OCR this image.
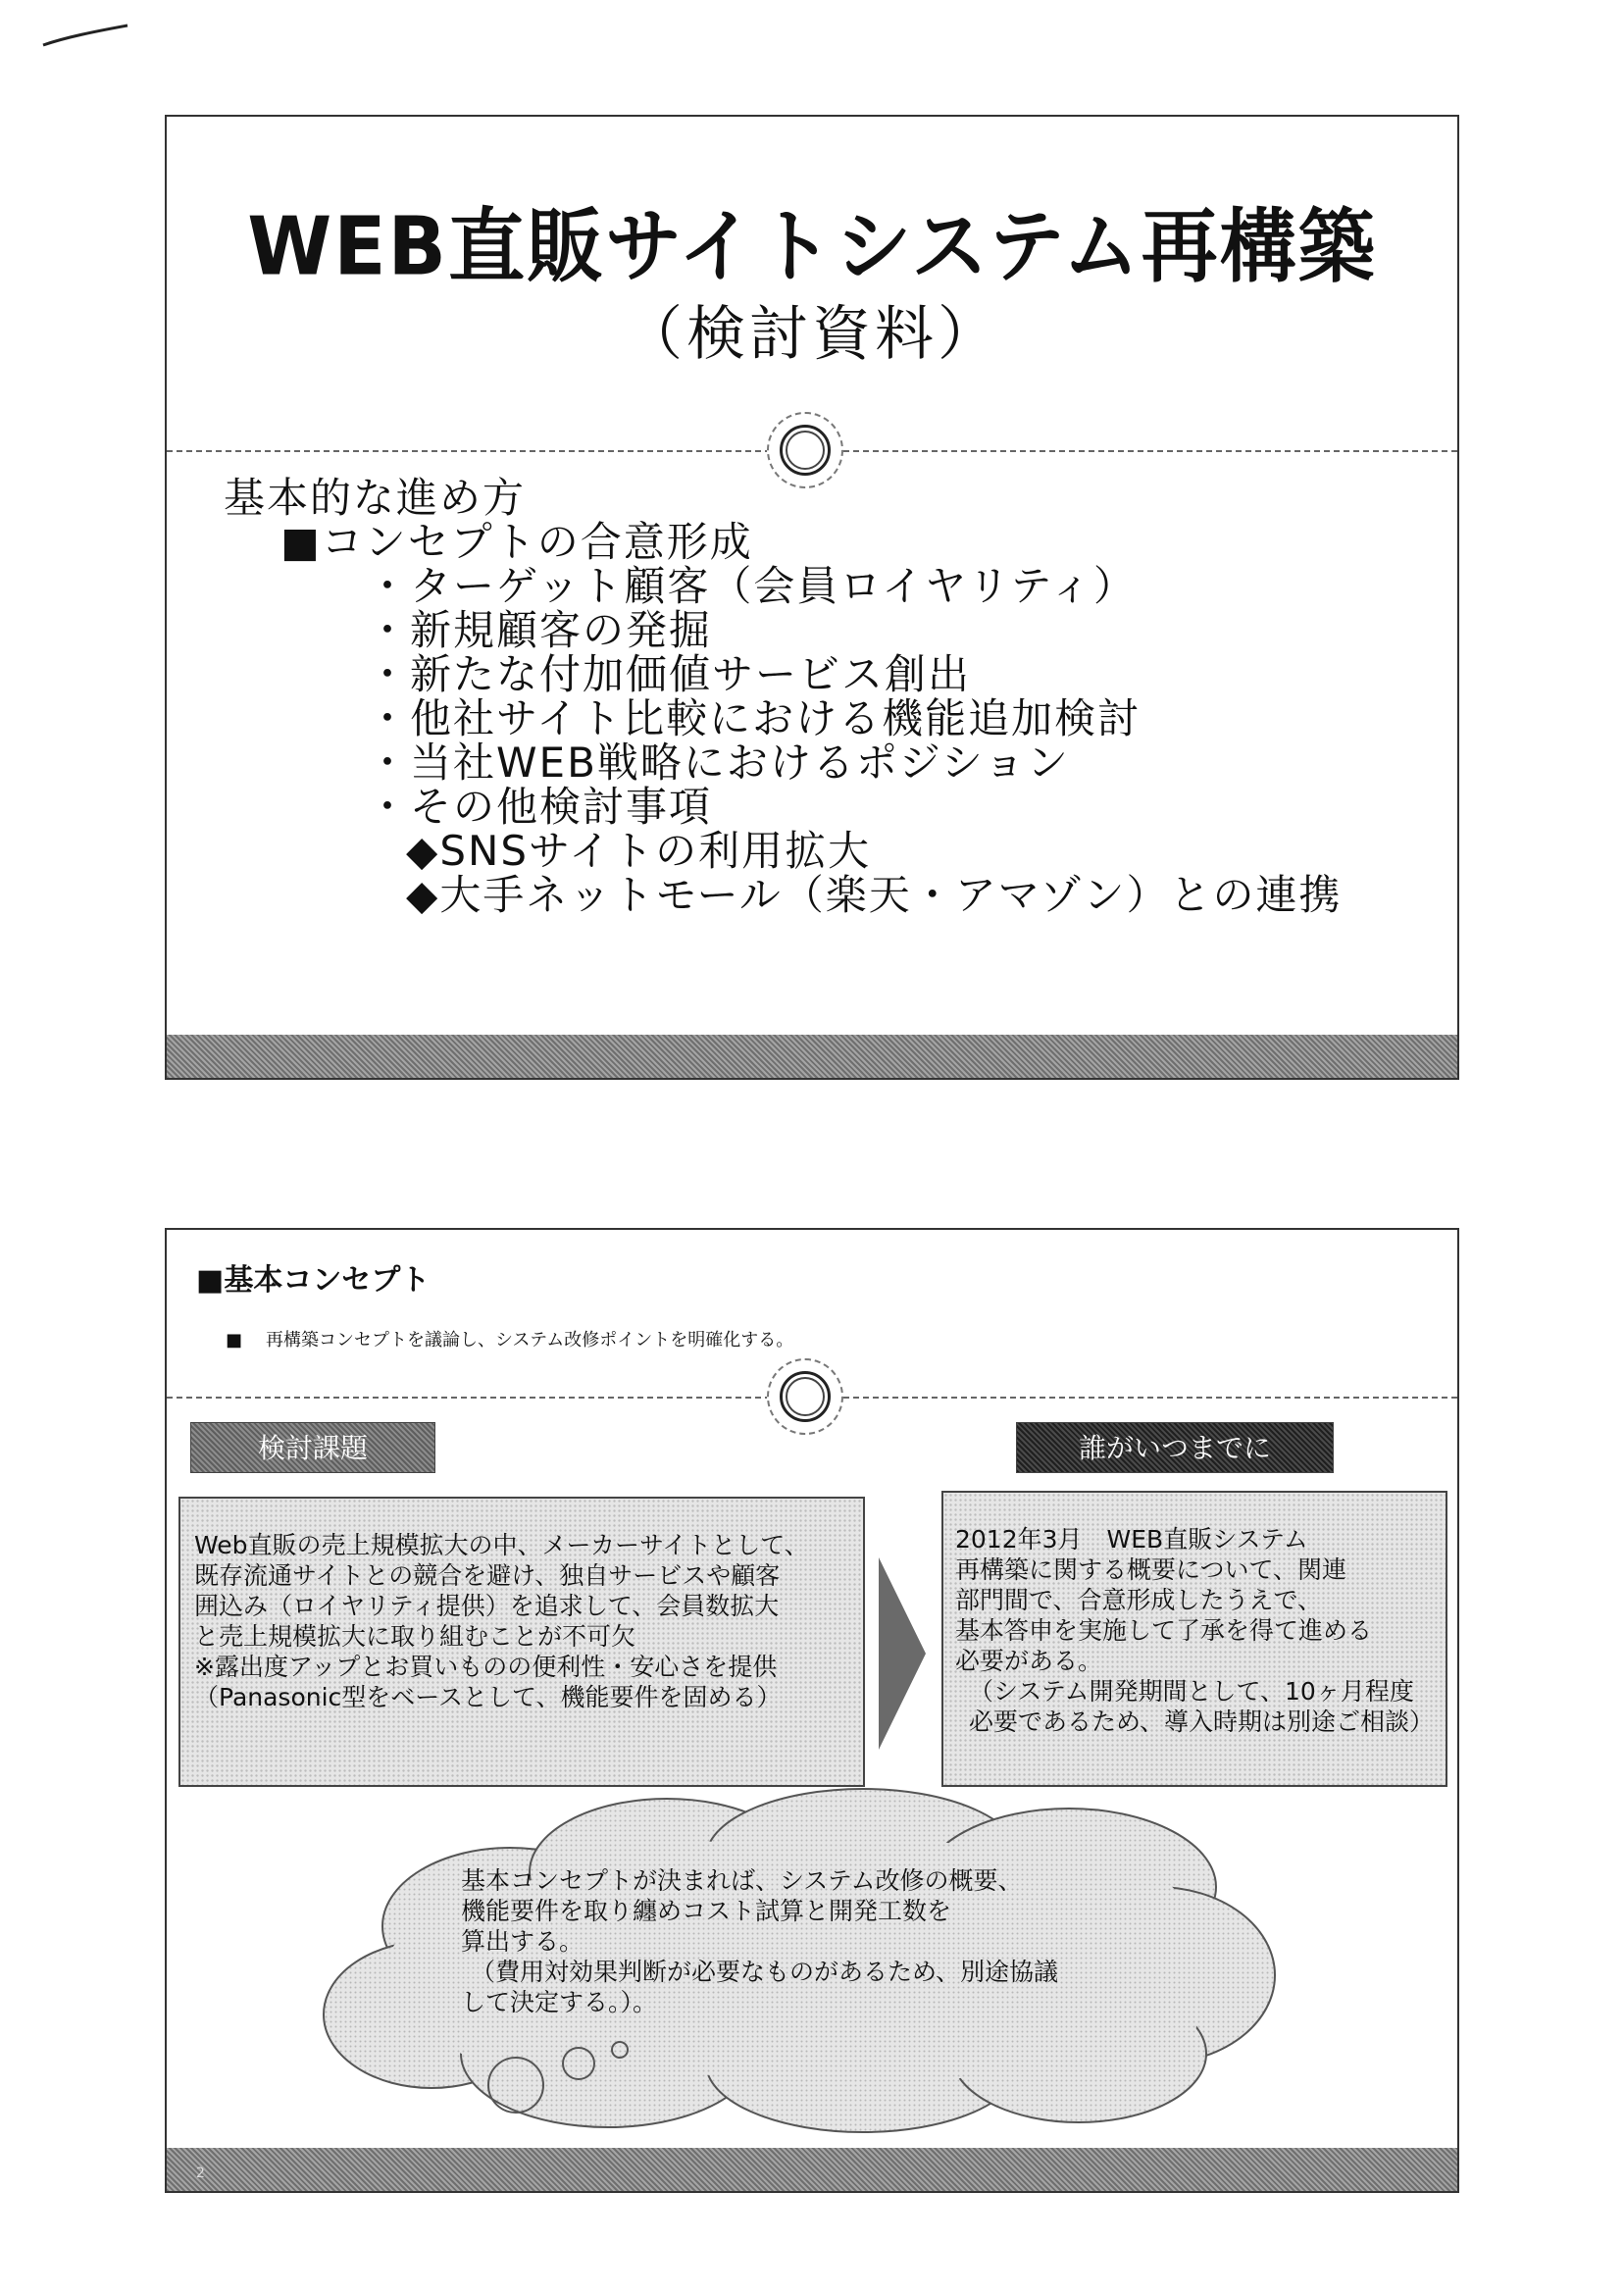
WEB直販サイトシステム再構築
（検討資料）
基本的な進め方
■ コンセプトの合意形成
・ ターゲット顧客（会員ロイヤリティ）
・ 新規顧客の発掘
・ 新たな付加価値サービス創出
・ 他社サイト比較における機能追加検討
・ 当社WEB戦略におけるポジション
・ その他検討事項
◆ SNSサイトの利用拡大
◆ 大手ネットモール（楽天・アマゾン）との連携
■基本コンセプト
■ 再構築コンセプトを議論し、システム改修ポイントを明確化する。
検討課題	誰がいつまでに

Web直販の売上規模拡大の中、メーカーサイトとして、

既存流通サイトとの競合を避け、独自サービスや顧客

囲込み（ロイヤリティ提供）を追求して、会員数拡大

と売上規模拡大に取り組むことが不可欠

※露出度アップとお買いものの便利性・安心さを提供

（Panasonic型をベースとして、機能要件を固める）

2012年3月　WEB直販システム

再構築に関する概要について、関連

部門間で、合意形成したうえで、

基本答申を実施して了承を得て進める

必要がある。

（システム開発期間として、10ヶ月程度

必要であるため、導入時期は別途ご相談）

基本コンセプトが決まれば、システム改修の概要、

機能要件を取り纏めコスト試算と開発工数を

算出する。

（費用対効果判断が必要なものがあるため、別途協議

して決定する。）。

2
